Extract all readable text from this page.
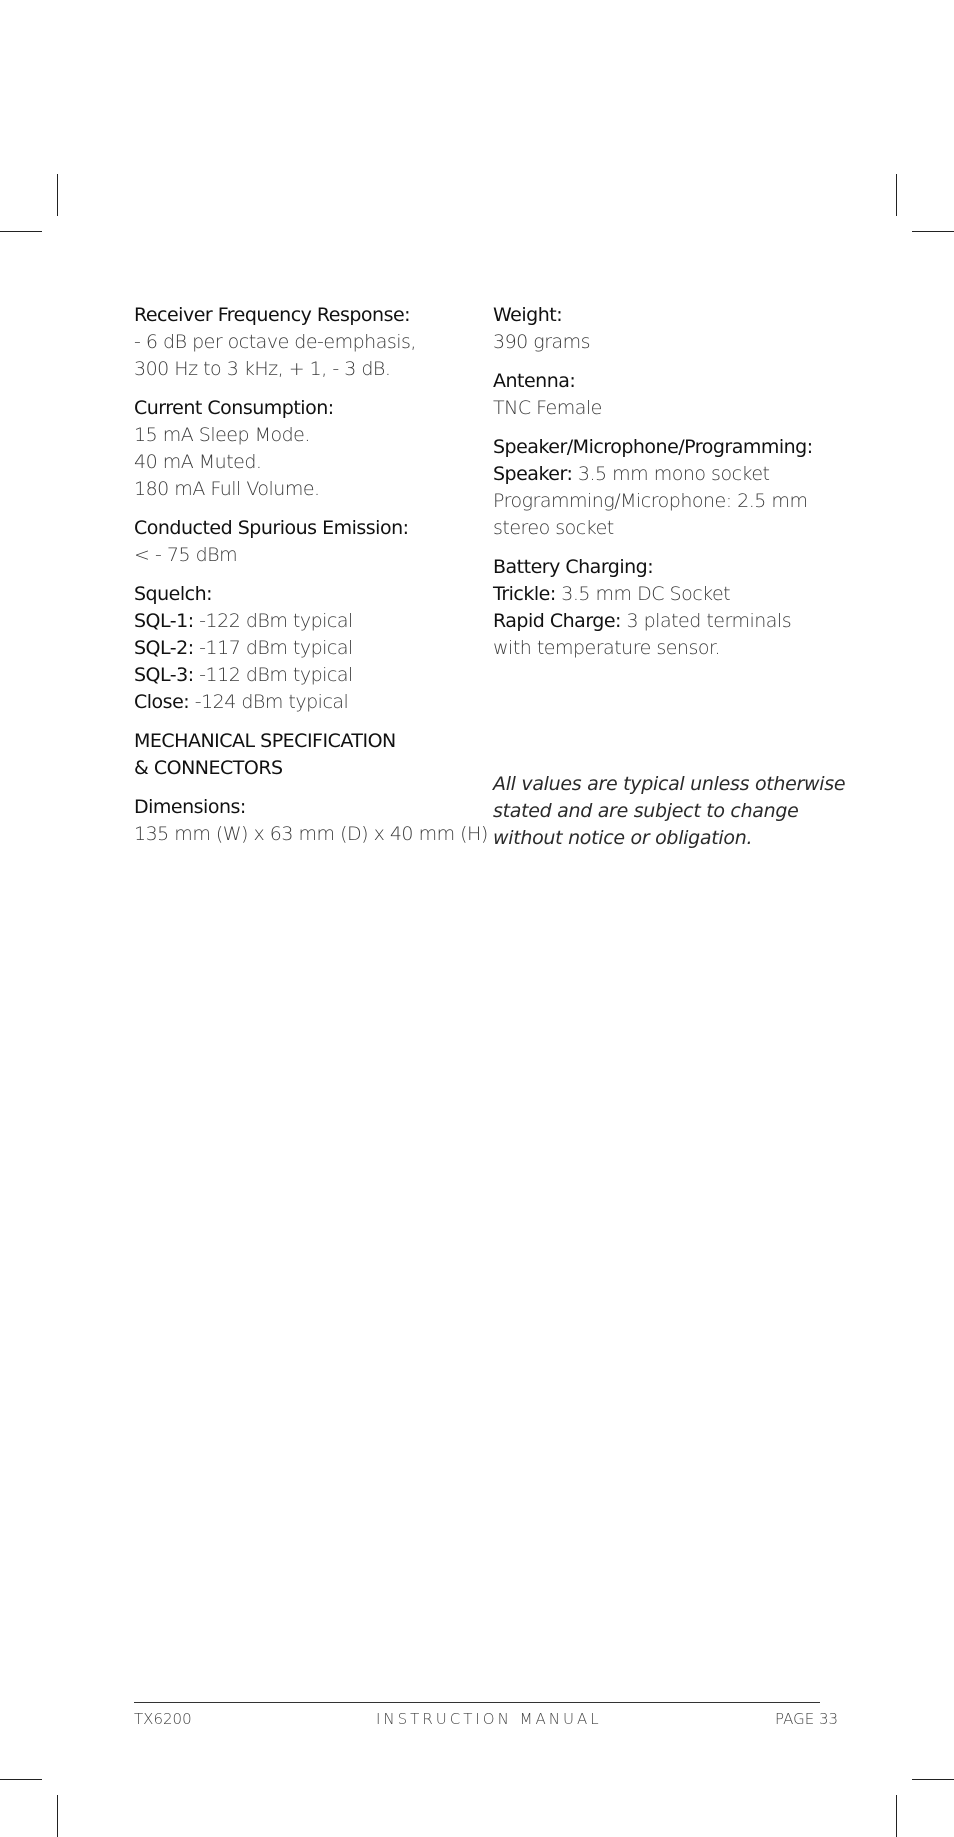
Receiver Frequency Response:
- 6 dB per octave de-emphasis,
300 Hz to 3 kHz, + 1, - 3 dB.
Current Consumption:
15 mA Sleep Mode.
40 mA Muted.
180 mA Full Volume.
Conducted Spurious Emission:
< - 75 dBm
Squelch:
SQL-1: -122 dBm typical
SQL-2: -117 dBm typical
SQL-3: -112 dBm typical
Close: -124 dBm typical
MECHANICAL SPECIFICATION
& CONNECTORS
Dimensions:
135 mm (W) x 63 mm (D) x 40 mm (H)
Weight:
390 grams
Antenna:
TNC Female
Speaker/Microphone/Programming:
Speaker: 3.5 mm mono socket
Programming/Microphone: 2.5 mm
stereo socket
Battery Charging:
Trickle: 3.5 mm DC Socket
Rapid Charge: 3 plated terminals
with temperature sensor.
All values are typical unless otherwise
stated and are subject to change
without notice or obligation.
TX6200	INSTRUCTION MANUAL	PAGE 33
